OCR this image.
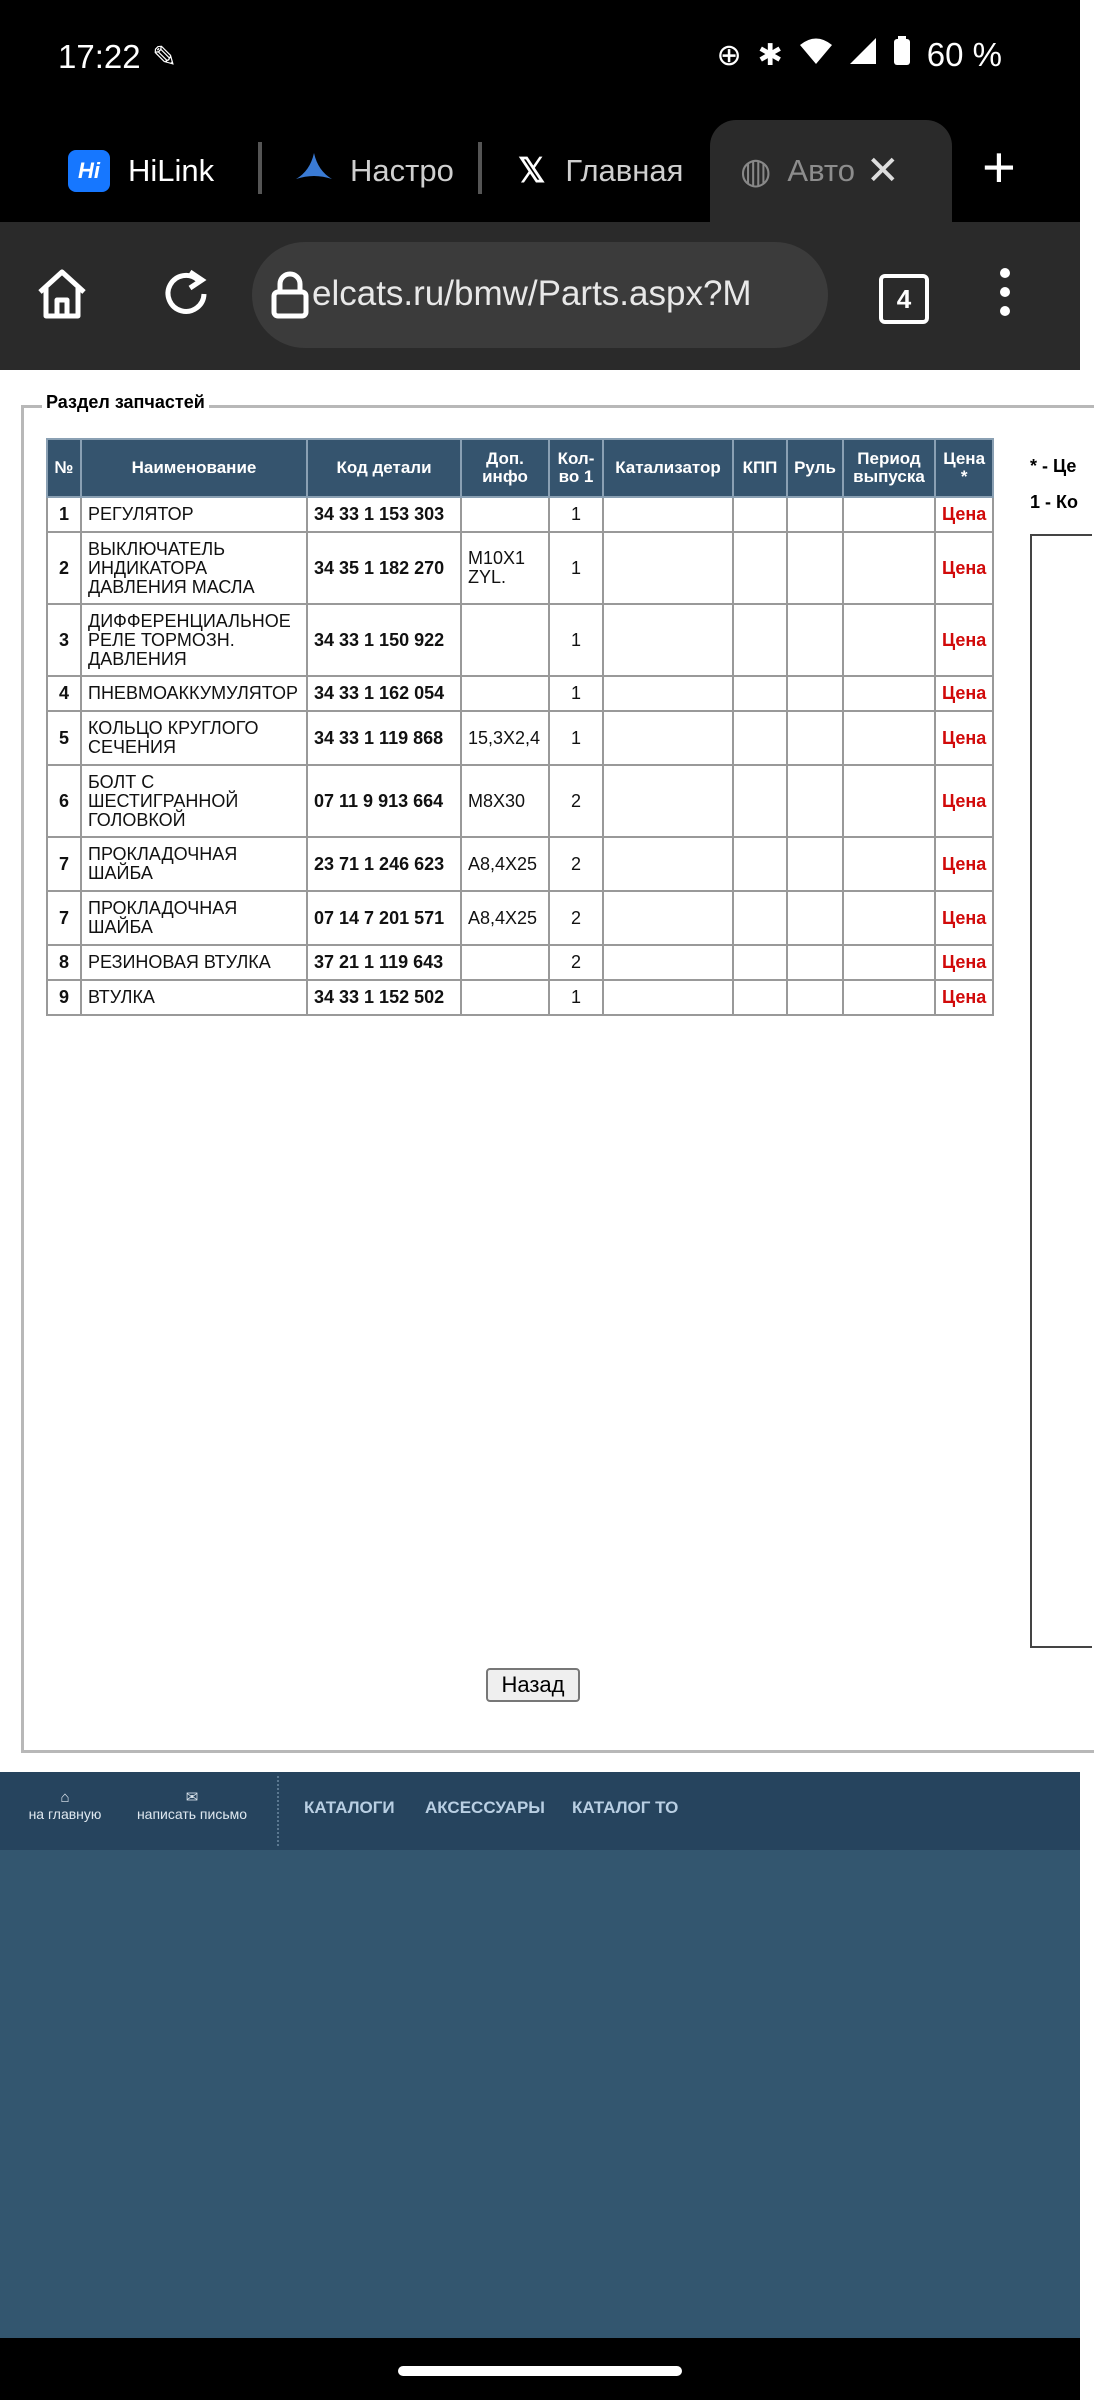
17:22 ✎	⊕ ✱	60 %
Hi HiLink	Настро 𝕏 Главная ◍ Авто ✕ +
elcats.ru/bmw/Parts.aspx?M	4
Раздел запчастей
№	Наименование	Код детали	Доп. инфо	Кол-во 1	Катализатор	КПП	Руль	Период выпуска	Цена *
1	РЕГУЛЯТОР	34 33 1 153 303		1					Цена
2	ВЫКЛЮЧАТЕЛЬ ИНДИКАТОРА ДАВЛЕНИЯ МАСЛА	34 35 1 182 270	M10X1 ZYL.	1					Цена
3	ДИФФЕРЕНЦИАЛЬНОЕ РЕЛЕ ТОРМОЗН. ДАВЛЕНИЯ	34 33 1 150 922		1					Цена
4	ПНЕВМОАККУМУЛЯТОР	34 33 1 162 054		1					Цена
5	КОЛЬЦО КРУГЛОГО СЕЧЕНИЯ	34 33 1 119 868	15,3X2,4	1					Цена
6	БОЛТ С ШЕСТИГРАННОЙ ГОЛОВКОЙ	07 11 9 913 664	M8X30	2					Цена
7	ПРОКЛАДОЧНАЯ ШАЙБА	23 71 1 246 623	A8,4X25	2					Цена
7	ПРОКЛАДОЧНАЯ ШАЙБА	07 14 7 201 571	A8,4X25	2					Цена
8	РЕЗИНОВАЯ ВТУЛКА	37 21 1 119 643		2					Цена
9	ВТУЛКА	34 33 1 152 502		1					Цена
* - Це
1 - Ко
Назад
⌂
на главную
✉
написать письмо	КАТАЛОГИ АКСЕССУАРЫ КАТАЛОГ ТО
